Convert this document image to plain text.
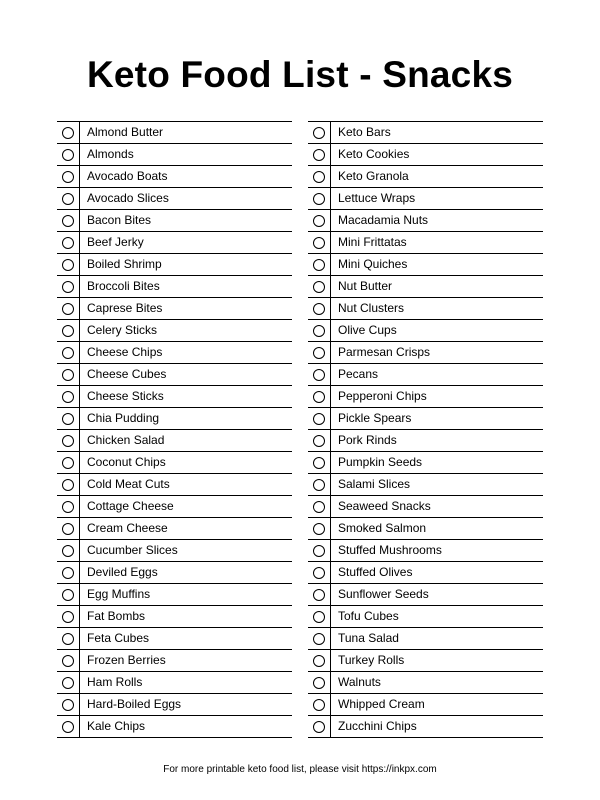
Keto Food List - Snacks
Almond Butter
Almonds
Avocado Boats
Avocado Slices
Bacon Bites
Beef Jerky
Boiled Shrimp
Broccoli Bites
Caprese Bites
Celery Sticks
Cheese Chips
Cheese Cubes
Cheese Sticks
Chia Pudding
Chicken Salad
Coconut Chips
Cold Meat Cuts
Cottage Cheese
Cream Cheese
Cucumber Slices
Deviled Eggs
Egg Muffins
Fat Bombs
Feta Cubes
Frozen Berries
Ham Rolls
Hard-Boiled Eggs
Kale Chips
Keto Bars
Keto Cookies
Keto Granola
Lettuce Wraps
Macadamia Nuts
Mini Frittatas
Mini Quiches
Nut Butter
Nut Clusters
Olive Cups
Parmesan Crisps
Pecans
Pepperoni Chips
Pickle Spears
Pork Rinds
Pumpkin Seeds
Salami Slices
Seaweed Snacks
Smoked Salmon
Stuffed Mushrooms
Stuffed Olives
Sunflower Seeds
Tofu Cubes
Tuna Salad
Turkey Rolls
Walnuts
Whipped Cream
Zucchini Chips
For more printable keto food list, please visit https://inkpx.com
